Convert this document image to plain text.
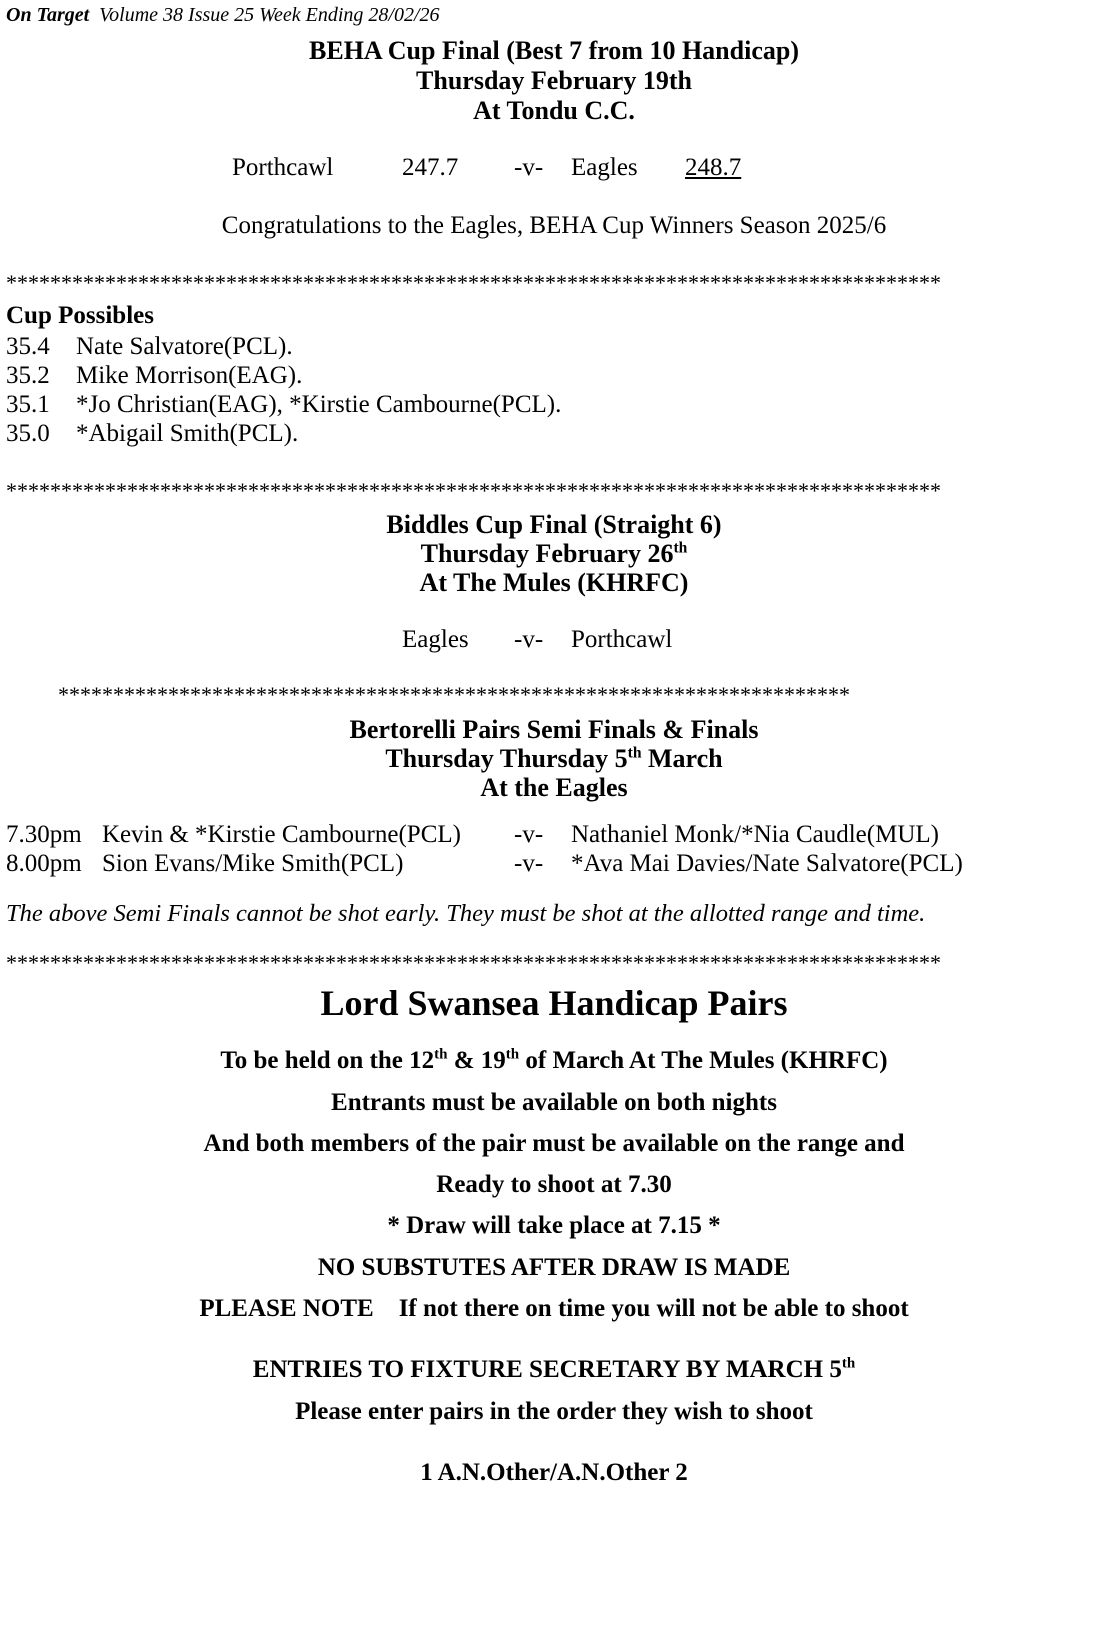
On Target Volume 38 Issue 25 Week Ending 28/02/26
BEHA Cup Final (Best 7 from 10 Handicap)
Thursday February 19th
At Tondu C.C.
Porthcawl	247.7 -v- Eagles 248.7
Congratulations to the Eagles, BEHA Cup Winners Season 2025/6
*************************************************************************************
Cup Possibles
35.4 Nate Salvatore(PCL).
35.2 Mike Morrison(EAG).
35.1 *Jo Christian(EAG), *Kirstie Cambourne(PCL).
35.0 *Abigail Smith(PCL).
*************************************************************************************
Biddles Cup Final (Straight 6)
Thursday February 26th
At The Mules (KHRFC)
Eagles -v- Porthcawl
************************************************************************
Bertorelli Pairs Semi Finals & Finals
Thursday Thursday 5th March
At the Eagles
7.30pm Kevin & *Kirstie Cambourne(PCL) -v- Nathaniel Monk/*Nia Caudle(MUL)
8.00pm Sion Evans/Mike Smith(PCL)	-v- *Ava Mai Davies/Nate Salvatore(PCL)
The above Semi Finals cannot be shot early. They must be shot at the allotted range and time.
*************************************************************************************
Lord Swansea Handicap Pairs
To be held on the 12th & 19th of March At The Mules (KHRFC)
Entrants must be available on both nights
And both members of the pair must be available on the range and
Ready to shoot at 7.30
* Draw will take place at 7.15 *
NO SUBSTUTES AFTER DRAW IS MADE
PLEASE NOTE If not there on time you will not be able to shoot
ENTRIES TO FIXTURE SECRETARY BY MARCH 5th
Please enter pairs in the order they wish to shoot
1 A.N.Other/A.N.Other 2
